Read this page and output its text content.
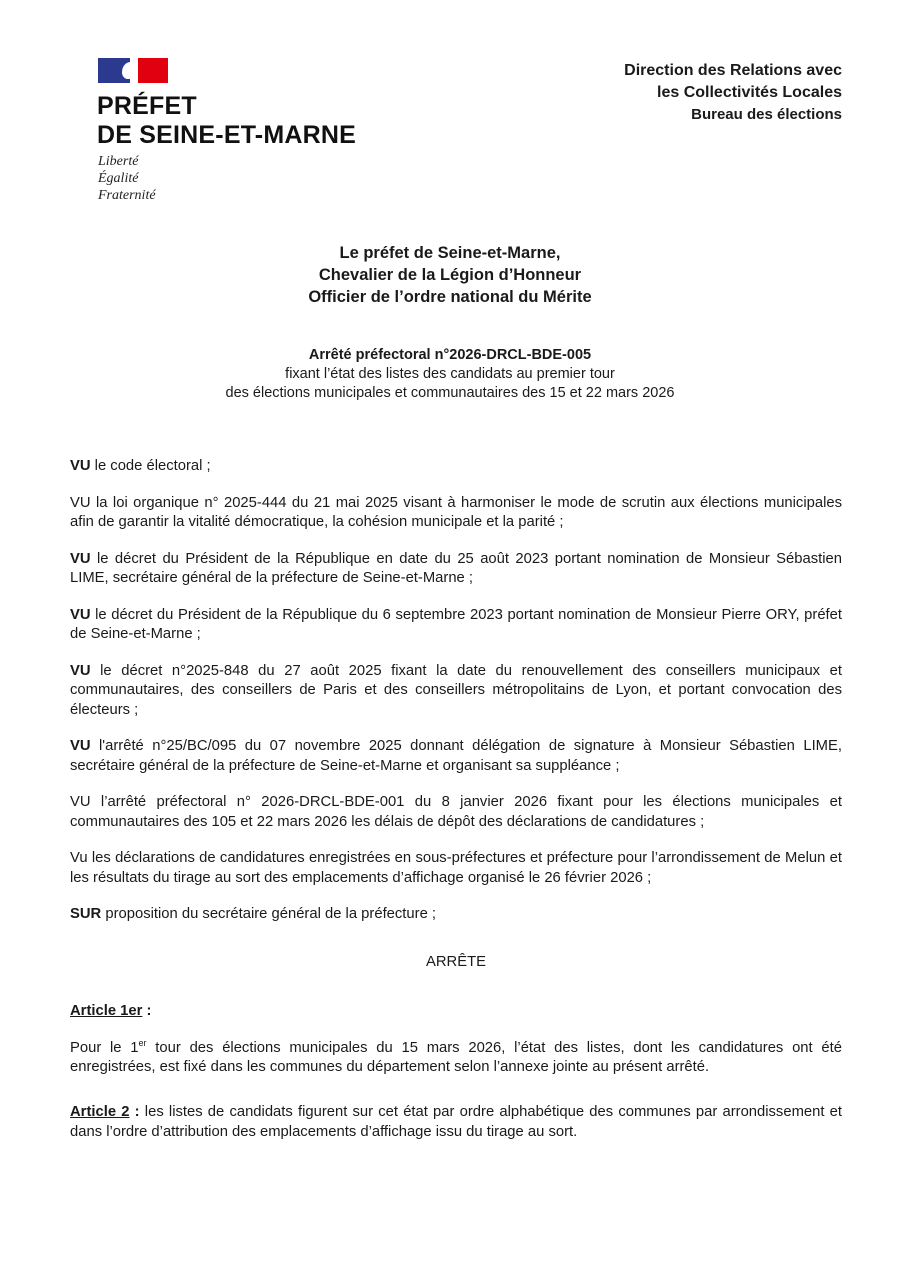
PRÉFET
DE SEINE-ET-MARNE
Liberté
Égalité
Fraternité
Direction des Relations avec
les Collectivités Locales
Bureau des élections
Le préfet de Seine-et-Marne,
Chevalier de la Légion d’Honneur
Officier de l’ordre national du Mérite
Arrêté préfectoral n°2026-DRCL-BDE-005
fixant l’état des listes des candidats au premier tour
des élections municipales et communautaires des 15 et 22 mars 2026

VU le code électoral ;

VU la loi organique n° 2025-444 du 21 mai 2025 visant à harmoniser le mode de scrutin aux élections municipales afin de garantir la vitalité démocratique, la cohésion municipale et la parité ;

VU le décret du Président de la République en date du 25 août 2023 portant nomination de Monsieur Sébastien LIME, secrétaire général de la préfecture de Seine-et-Marne ;

VU le décret du Président de la République du 6 septembre 2023 portant nomination de Monsieur Pierre ORY, préfet de Seine-et-Marne ;

VU le décret n°2025-848 du 27 août 2025 fixant la date du renouvellement des conseillers municipaux et communautaires, des conseillers de Paris et des conseillers métropolitains de Lyon, et portant convocation des électeurs ;

VU l'arrêté n°25/BC/095 du 07 novembre 2025 donnant délégation de signature à Monsieur Sébastien LIME, secrétaire général de la préfecture de Seine-et-Marne et organisant sa suppléance ;

VU l’arrêté préfectoral n° 2026-DRCL-BDE-001 du 8 janvier 2026 fixant pour les élections municipales et communautaires des 105 et 22 mars 2026 les délais de dépôt des déclarations de candidatures ;

Vu les déclarations de candidatures enregistrées en sous-préfectures et préfecture pour l’arrondissement de Melun et les résultats du tirage au sort des emplacements d’affichage organisé le 26 février 2026 ;

SUR proposition du secrétaire général de la préfecture ;

ARRÊTE

Article 1er :

Pour le 1er tour des élections municipales du 15 mars 2026, l’état des listes, dont les candidatures ont été enregistrées, est fixé dans les communes du département selon l’annexe jointe au présent arrêté.

Article 2 : les listes de candidats figurent sur cet état par ordre alphabétique des communes par arrondissement et dans l’ordre d’attribution des emplacements d’affichage issu du tirage au sort.
